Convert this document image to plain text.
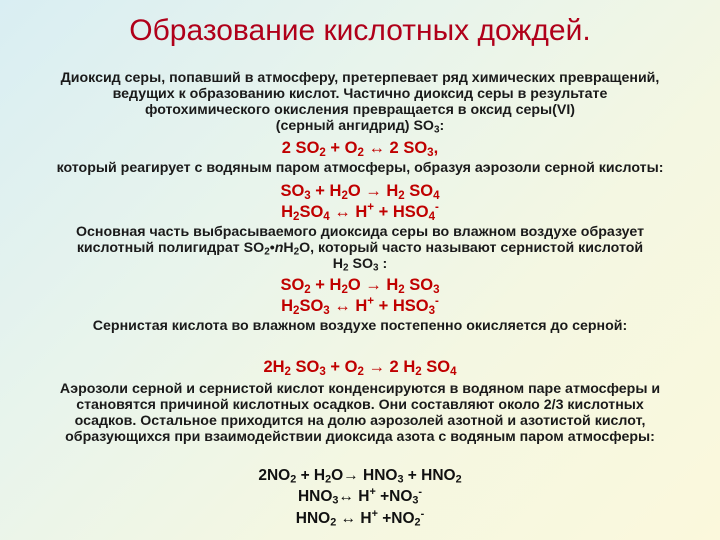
Образование кислотных дождей.
Диоксид серы, попавший в атмосферу, претерпевает ряд химических превращений,
ведущих к образованию кислот. Частично диоксид серы в результате
фотохимического окисления превращается в оксид серы(VI)
(серный ангидрид) $SO_3$:
2 $SO_2 + O_2$ ↔ 2 $SO_3$,
который реагирует с водяным паром атмосферы, образуя аэрозоли серной кислоты:
$SO_3 + H_2O \to H_2$ $SO_4$
$H_2SO_4$ ↔ $H^+ + HSO_4^-$
Основная часть выбрасываемого диоксида серы во влажном воздухе образует
кислотный полигидрат $SO_2•nH_2O$, который часто называют сернистой кислотой
$H_2$ $SO_3$ :
$SO_2 + H_2O \to H_2$ $SO_3$
$H_2SO_3$ ↔ $H^+ + HSO_3^-$
Сернистая кислота во влажном воздухе постепенно окисляется до серной:
$2H_2$ $SO_3 + O_2 \to 2$ $H_2$ $SO_4$
Аэрозоли серной и сернистой кислот конденсируются в водяном паре атмосферы и
становятся причиной кислотных осадков. Они составляют около 2/3 кислотных
осадков. Остальное приходится на долю аэрозолей азотной и азотистой кислот,
образующихся при взаимодействии диоксида азота с водяным паром атмосферы:
$2NO_2 + H_2O\to HNO_3 + HNO_2$
$HNO_3\leftrightarrow$ $H^+ +NO_3^-$
$HNO_2$ ↔ $H^+ +NO_2^-$
